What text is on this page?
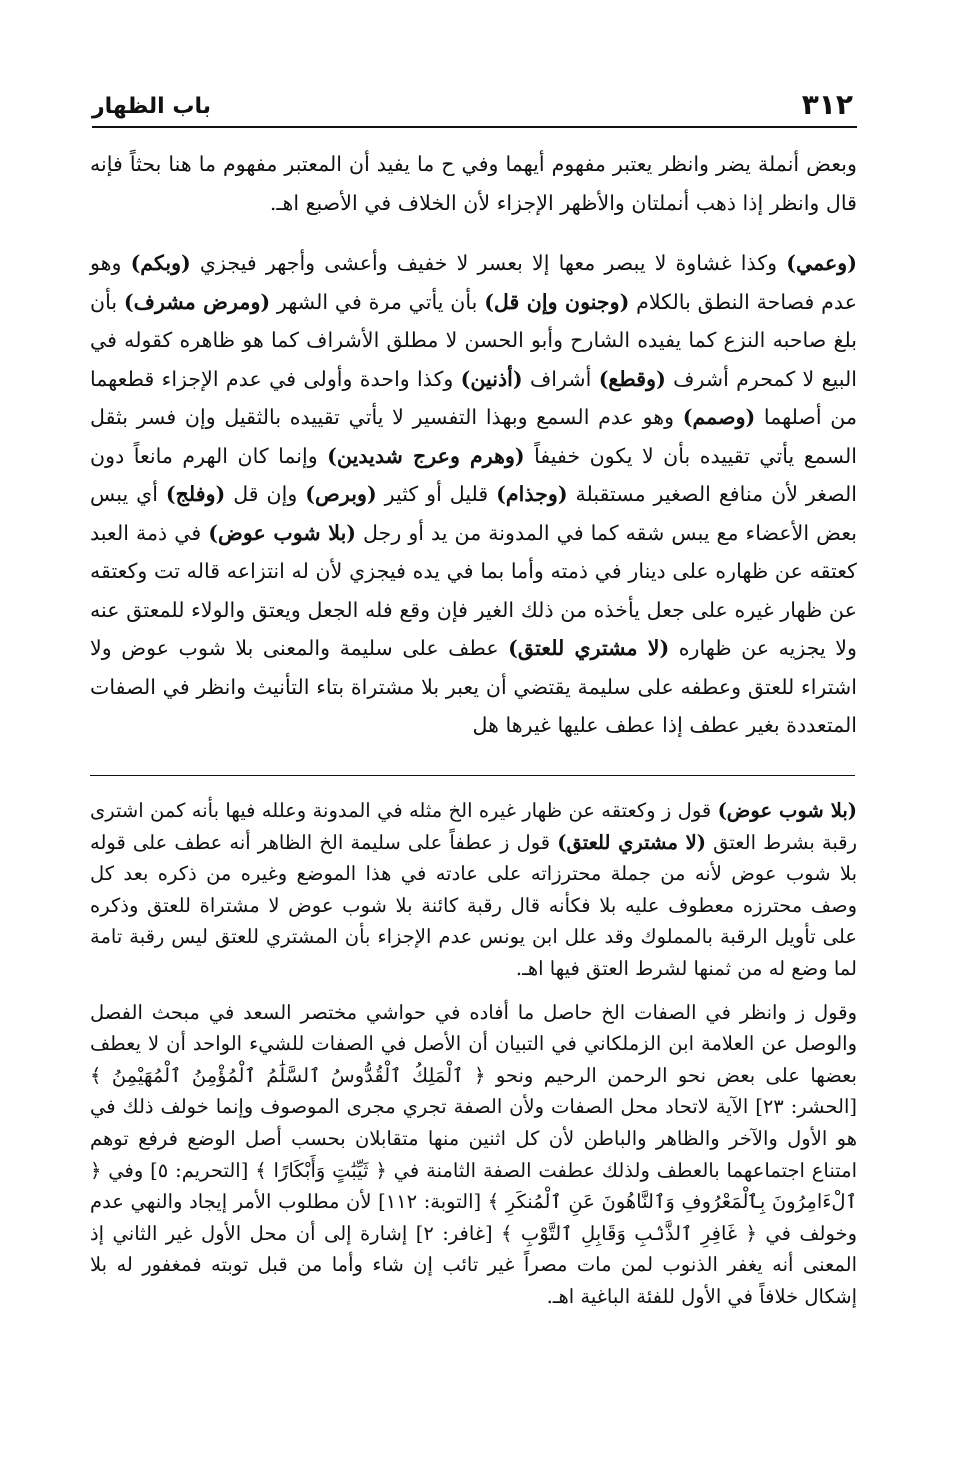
٣١٢
باب الظهار

وبعض أنملة يضر وانظر يعتبر مفهوم أيهما وفي ح ما يفيد أن المعتبر مفهوم ما هنا بحثاً فإنه قال وانظر إذا ذهب أنملتان والأظهر الإجزاء لأن الخلاف في الأصبع اهـ.

(وعمي) وكذا غشاوة لا يبصر معها إلا بعسر لا خفيف وأعشى وأجهر فيجزي (وبكم) وهو عدم فصاحة النطق بالكلام (وجنون وإن قل) بأن يأتي مرة في الشهر (ومرض مشرف) بأن بلغ صاحبه النزع كما يفيده الشارح وأبو الحسن لا مطلق الأشراف كما هو ظاهره كقوله في البيع لا كمحرم أشرف (وقطع) أشراف (أذنين) وكذا واحدة وأولى في عدم الإجزاء قطعهما من أصلهما (وصمم) وهو عدم السمع وبهذا التفسير لا يأتي تقييده بالثقيل وإن فسر بثقل السمع يأتي تقييده بأن لا يكون خفيفاً (وهرم وعرج شديدين) وإنما كان الهرم مانعاً دون الصغر لأن منافع الصغير مستقبلة (وجذام) قليل أو كثير (وبرص) وإن قل (وفلج) أي يبس بعض الأعضاء مع يبس شقه كما في المدونة من يد أو رجل (بلا شوب عوض) في ذمة العبد كعتقه عن ظهاره على دينار في ذمته وأما بما في يده فيجزي لأن له انتزاعه قاله تت وكعتقه عن ظهار غيره على جعل يأخذه من ذلك الغير فإن وقع فله الجعل ويعتق والولاء للمعتق عنه ولا يجزيه عن ظهاره (لا مشتري للعتق) عطف على سليمة والمعنى بلا شوب عوض ولا اشتراء للعتق وعطفه على سليمة يقتضي أن يعبر بلا مشتراة بتاء التأنيث وانظر في الصفات المتعددة بغير عطف إذا عطف عليها غيرها هل

(بلا شوب عوض) قول ز وكعتقه عن ظهار غيره الخ مثله في المدونة وعلله فيها بأنه كمن اشترى رقبة بشرط العتق (لا مشتري للعتق) قول ز عطفاً على سليمة الخ الظاهر أنه عطف على قوله بلا شوب عوض لأنه من جملة محترزاته على عادته في هذا الموضع وغيره من ذكره بعد كل وصف محترزه معطوف عليه بلا فكأنه قال رقبة كائنة بلا شوب عوض لا مشتراة للعتق وذكره على تأويل الرقبة بالمملوك وقد علل ابن يونس عدم الإجزاء بأن المشتري للعتق ليس رقبة تامة لما وضع له من ثمنها لشرط العتق فيها اهـ.

وقول ز وانظر في الصفات الخ حاصل ما أفاده في حواشي مختصر السعد في مبحث الفصل والوصل عن العلامة ابن الزملكاني في التبيان أن الأصل في الصفات للشيء الواحد أن لا يعطف بعضها على بعض نحو الرحمن الرحيم ونحو ﴿ ٱلْمَلِكُ ٱلْقُدُّوسُ ٱلسَّلَٰمُ ٱلْمُؤْمِنُ ٱلْمُهَيْمِنُ ﴾ [الحشر: ٢٣] الآية لاتحاد محل الصفات ولأن الصفة تجري مجرى الموصوف وإنما خولف ذلك في هو الأول والآخر والظاهر والباطن لأن كل اثنين منها متقابلان بحسب أصل الوضع فرفع توهم امتناع اجتماعهما بالعطف ولذلك عطفت الصفة الثامنة في ﴿ ثَيِّبَٰتٍ وَأَبْكَارًا ﴾ [التحريم: ٥] وفي ﴿ ٱلْءَامِرُونَ بِٱلْمَعْرُوفِ وَٱلنَّاهُونَ عَنِ ٱلْمُنكَرِ ﴾ [التوبة: ١١٢] لأن مطلوب الأمر إيجاد والنهي عدم وخولف في ﴿ غَافِرِ ٱلذَّنۢبِ وَقَابِلِ ٱلتَّوْبِ ﴾ [غافر: ٢] إشارة إلى أن محل الأول غير الثاني إذ المعنى أنه يغفر الذنوب لمن مات مصراً غير تائب إن شاء وأما من قبل توبته فمغفور له بلا إشكال خلافاً في الأول للفئة الباغية اهـ.
